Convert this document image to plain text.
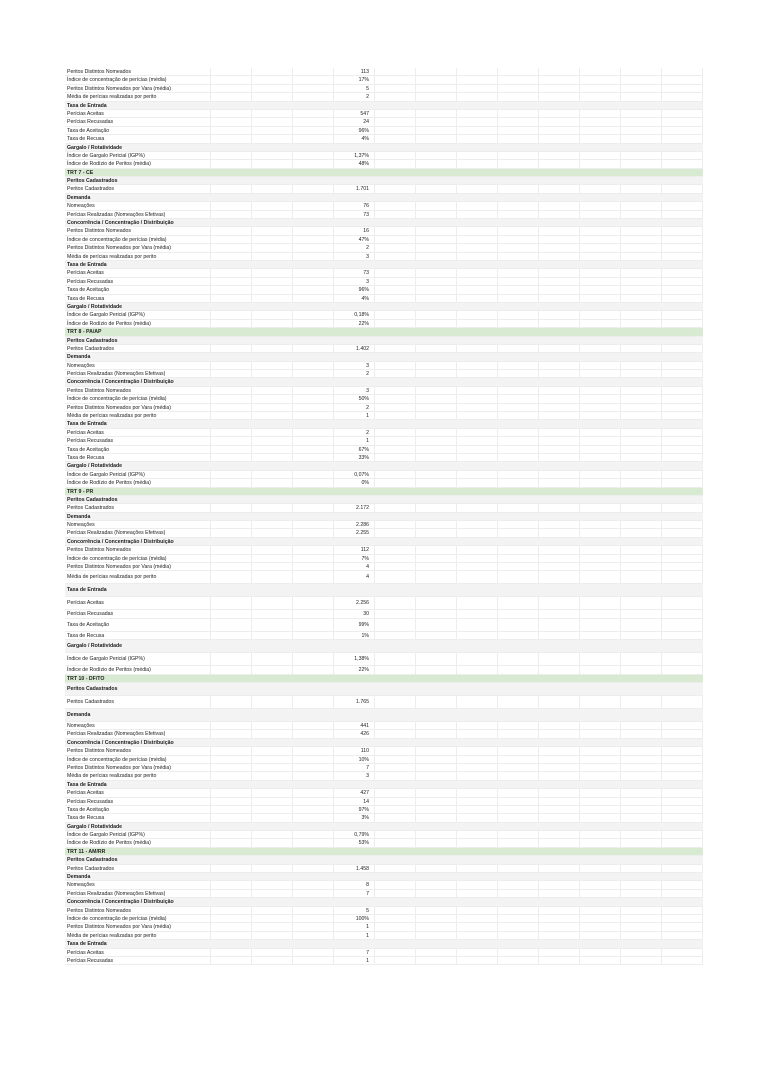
Peritos Distintos Nomeados	113
Índice de concentração de perícias (média)	17%
Peritos Distintos Nomeados por Vara (média)	5
Média de perícias realizadas por perito	2
Taxa de Entrada
Perícias Aceitas	547
Perícias Recusadas	24
Taxa de Aceitação	96%
Taxa de Recusa	4%
Gargalo / Rotatividade
Índice de Gargalo Pericial (IGP%)	1,37%
Índice de Rodízio de Peritos (média)	48%
TRT 7 - CE
Peritos Cadastrados
Peritos Cadastrados	1.701
Demanda
Nomeações	76
Perícias Realizadas (Nomeações Efetivas)	73
Concorrência / Concentração / Distribuição
Peritos Distintos Nomeados	16
Índice de concentração de perícias (média)	47%
Peritos Distintos Nomeados por Vara (média)	2
Média de perícias realizadas por perito	3
Taxa de Entrada
Perícias Aceitas	73
Perícias Recusadas	3
Taxa de Aceitação	96%
Taxa de Recusa	4%
Gargalo / Rotatividade
Índice de Gargalo Pericial (IGP%)	0,18%
Índice de Rodízio de Peritos (média)	22%
TRT 8 - PA/AP
Peritos Cadastrados
Peritos Cadastrados	1.402
Demanda
Nomeações	3
Perícias Realizadas (Nomeações Efetivas)	2
Concorrência / Concentração / Distribuição
Peritos Distintos Nomeados	3
Índice de concentração de perícias (média)	50%
Peritos Distintos Nomeados por Vara (média)	2
Média de perícias realizadas por perito	1
Taxa de Entrada
Perícias Aceitas	2
Perícias Recusadas	1
Taxa de Aceitação	67%
Taxa de Recusa	33%
Gargalo / Rotatividade
Índice de Gargalo Pericial (IGP%)	0,07%
Índice de Rodízio de Peritos (média)	0%
TRT 9 - PR
Peritos Cadastrados
Peritos Cadastrados	2.172
Demanda
Nomeações	2.286
Perícias Realizadas (Nomeações Efetivas)	2.255
Concorrência / Concentração / Distribuição
Peritos Distintos Nomeados	112
Índice de concentração de perícias (média)	7%
Peritos Distintos Nomeados por Vara (média)	4
Média de perícias realizadas por perito	4
Taxa de Entrada
Perícias Aceitas	2.256
Perícias Recusadas	30
Taxa de Aceitação	99%
Taxa de Recusa	1%
Gargalo / Rotatividade
Índice de Gargalo Pericial (IGP%)	1,38%
Índice de Rodízio de Peritos (média)	22%
TRT 10 - DF/TO
Peritos Cadastrados
Peritos Cadastrados	1.765
Demanda
Nomeações	441
Perícias Realizadas (Nomeações Efetivas)	426
Concorrência / Concentração / Distribuição
Peritos Distintos Nomeados	110
Índice de concentração de perícias (média)	10%
Peritos Distintos Nomeados por Vara (média)	7
Média de perícias realizadas por perito	3
Taxa de Entrada
Perícias Aceitas	427
Perícias Recusadas	14
Taxa de Aceitação	97%
Taxa de Recusa	3%
Gargalo / Rotatividade
Índice de Gargalo Pericial (IGP%)	0,79%
Índice de Rodízio de Peritos (média)	53%
TRT 11 - AM/RR
Peritos Cadastrados
Peritos Cadastrados	1.458
Demanda
Nomeações	8
Perícias Realizadas (Nomeações Efetivas)	7
Concorrência / Concentração / Distribuição
Peritos Distintos Nomeados	5
Índice de concentração de perícias (média)	100%
Peritos Distintos Nomeados por Vara (média)	1
Média de perícias realizadas por perito	1
Taxa de Entrada
Perícias Aceitas	7
Perícias Recusadas	1
